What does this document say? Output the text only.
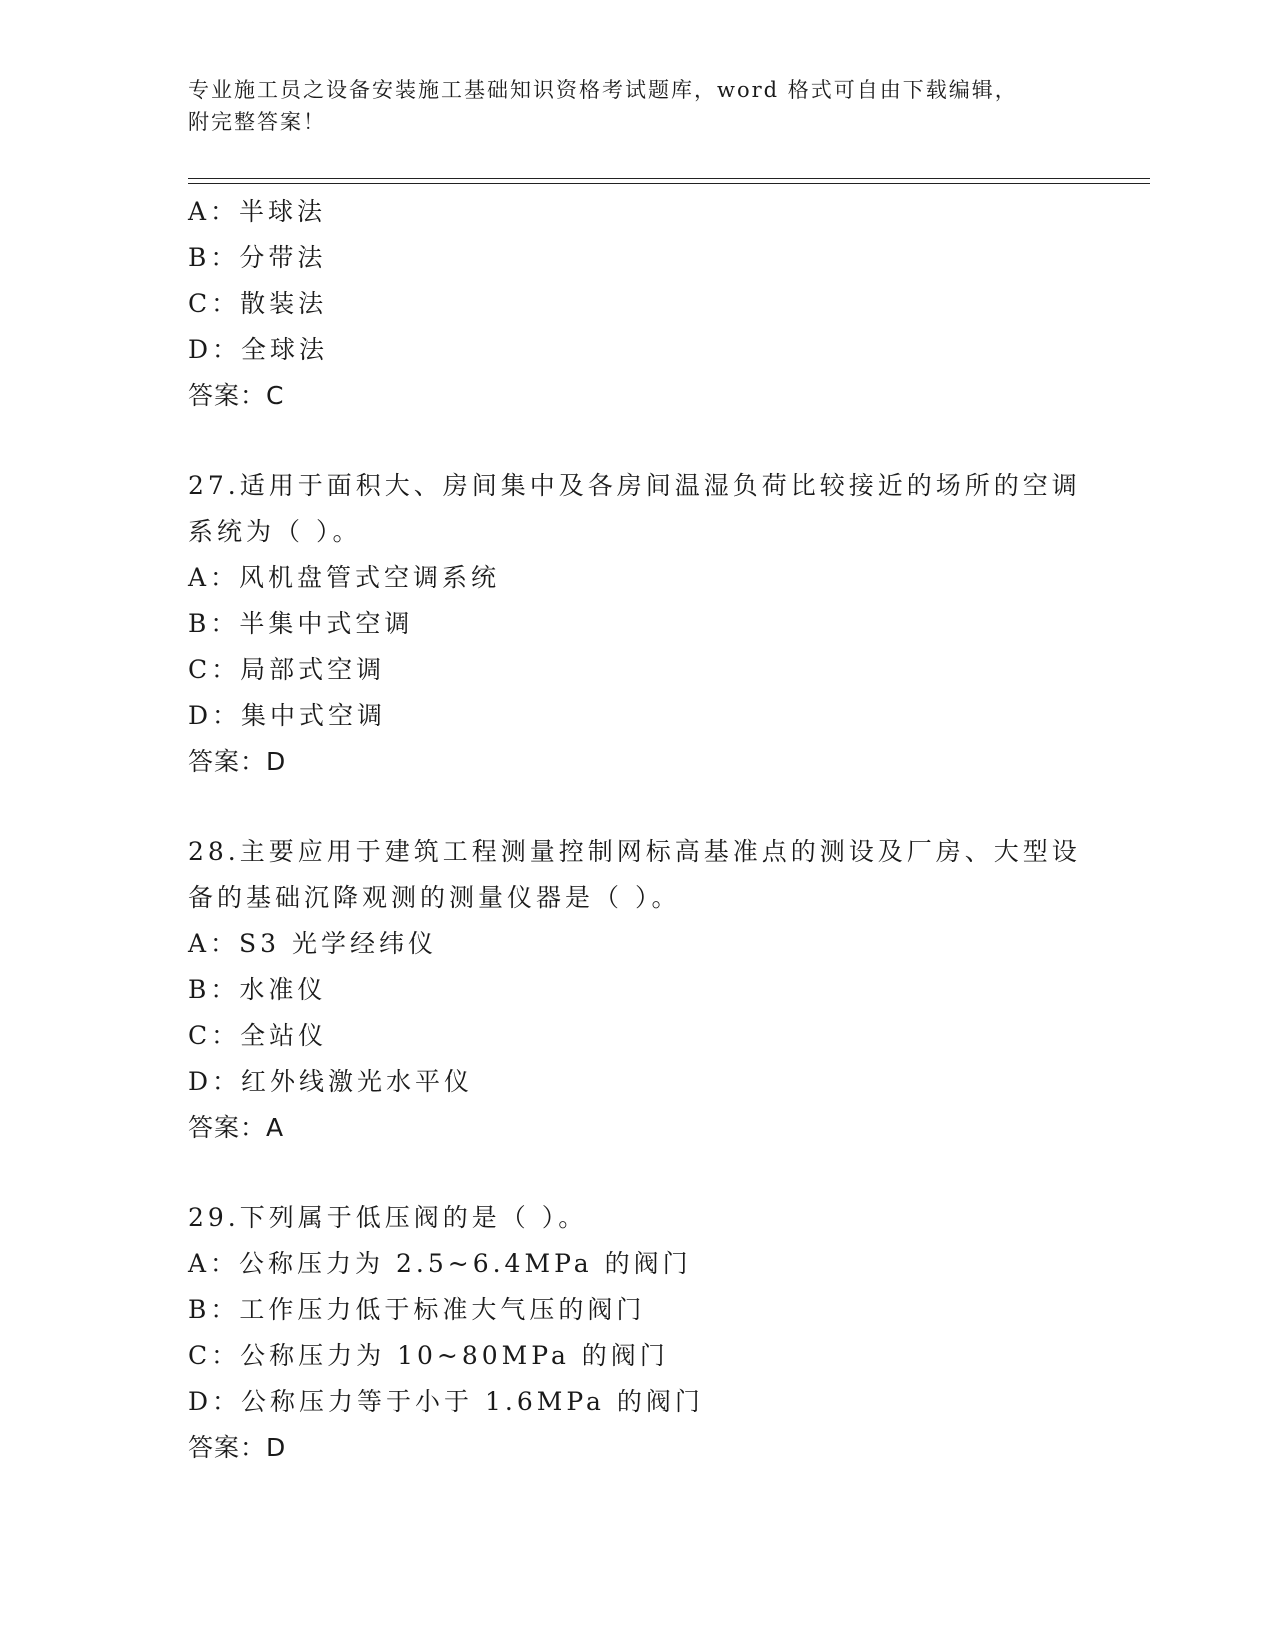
专业施工员之设备安装施工基础知识资格考试题库，word 格式可自由下载编辑，
附完整答案！
A：半球法
B：分带法
C：散装法
D：全球法
答案：C
27.适用于面积大、房间集中及各房间温湿负荷比较接近的场所的空调
系统为（ ）。
A：风机盘管式空调系统
B：半集中式空调
C：局部式空调
D：集中式空调
答案：D
28.主要应用于建筑工程测量控制网标高基准点的测设及厂房、大型设
备的基础沉降观测的测量仪器是（ ）。
A：S3 光学经纬仪
B：水准仪
C：全站仪
D：红外线激光水平仪
答案：A
29.下列属于低压阀的是（ ）。
A：公称压力为 2.5~6.4MPa 的阀门
B：工作压力低于标准大气压的阀门
C：公称压力为 10~80MPa 的阀门
D：公称压力等于小于 1.6MPa 的阀门
答案：D
